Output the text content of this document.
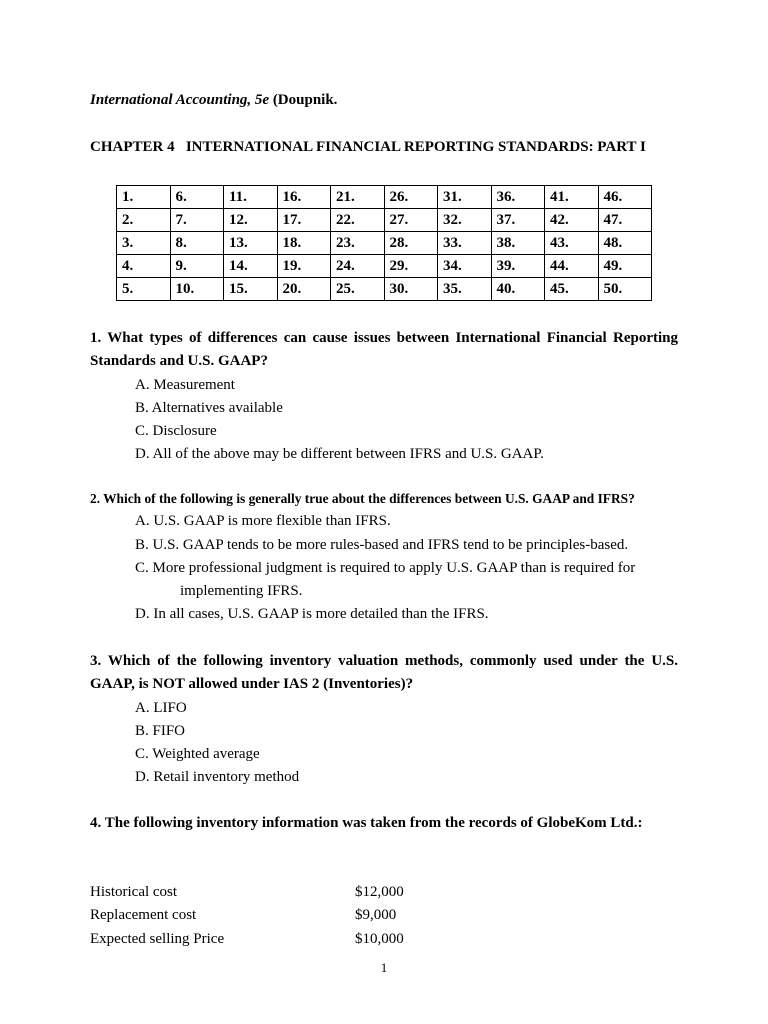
International Accounting, 5e (Doupnik.
CHAPTER 4   INTERNATIONAL FINANCIAL REPORTING STANDARDS: PART I
1.	6.	11.	16.	21.	26.	31.	36.	41.	46.
2.	7.	12.	17.	22.	27.	32.	37.	42.	47.
3.	8.	13.	18.	23.	28.	33.	38.	43.	48.
4.	9.	14.	19.	24.	29.	34.	39.	44.	49.
5.	10.	15.	20.	25.	30.	35.	40.	45.	50.
1. What types of differences can cause issues between International Financial Reporting Standards and U.S. GAAP?
A. Measurement
B. Alternatives available
C. Disclosure
D. All of the above may be different between IFRS and U.S. GAAP.
2. Which of the following is generally true about the differences between U.S. GAAP and IFRS?
A. U.S. GAAP is more flexible than IFRS.
B. U.S. GAAP tends to be more rules-based and IFRS tend to be principles-based.
C. More professional judgment is required to apply U.S. GAAP than is required for
implementing IFRS.
D. In all cases, U.S. GAAP is more detailed than the IFRS.
3. Which of the following inventory valuation methods, commonly used under the U.S. GAAP, is NOT allowed under IAS 2 (Inventories)?
A. LIFO
B. FIFO
C. Weighted average
D. Retail inventory method
4. The following inventory information was taken from the records of GlobeKom Ltd.:
Historical cost	$12,000
Replacement cost	$9,000
Expected selling Price	$10,000
1
